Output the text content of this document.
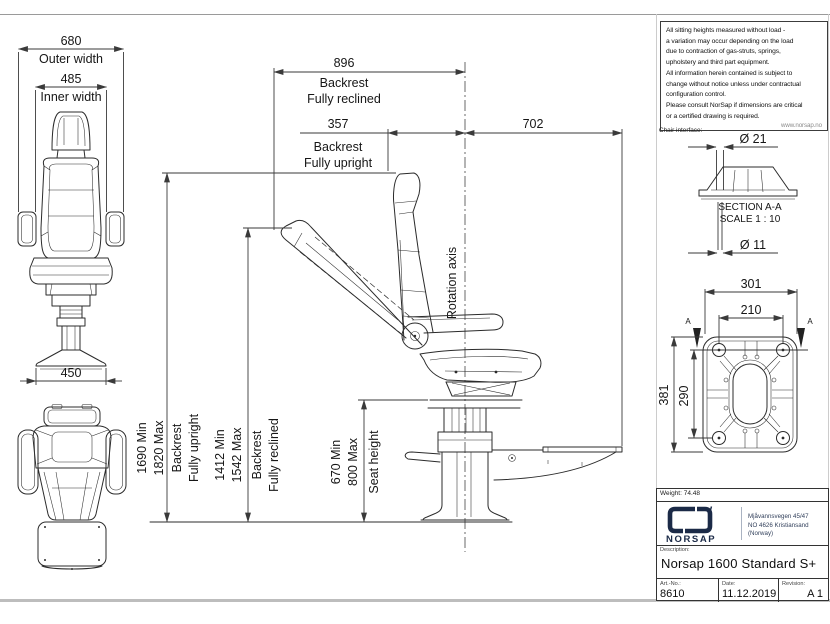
680
Outer width
485
Inner width
450
Rotation axis
896
Backrest
Fully reclined
357
Backrest
Fully upright
702
1690 Min 1820 Max Backrest Fully upright 1412 Min 1542 Max Backrest Fully reclined	670 Min 800 Max Seat height
All sitting heights measured without load -
a variation may occur depending on the load
due to contraction of gas-struts, springs,
upholstery and third part equipment.
All information herein contained is subject to
change without notice unless under contractual
configuration control.
Please consult NorSap if dimensions are critical
or a certified drawing is required.
www.norsap.no
Chair interface:
Ø 21
SECTION A-A
SCALE 1 : 10
Ø 11
301
210
A	A
381 290
Weight: 74.48
NORSAP
Mjåvannsvegen 45/47
NO 4626 Kristiansand (Norway)
Description:
Norsap 1600 Standard S+
Art.-No.:
8610
Date:
11.12.2019
Revision:
A 1
